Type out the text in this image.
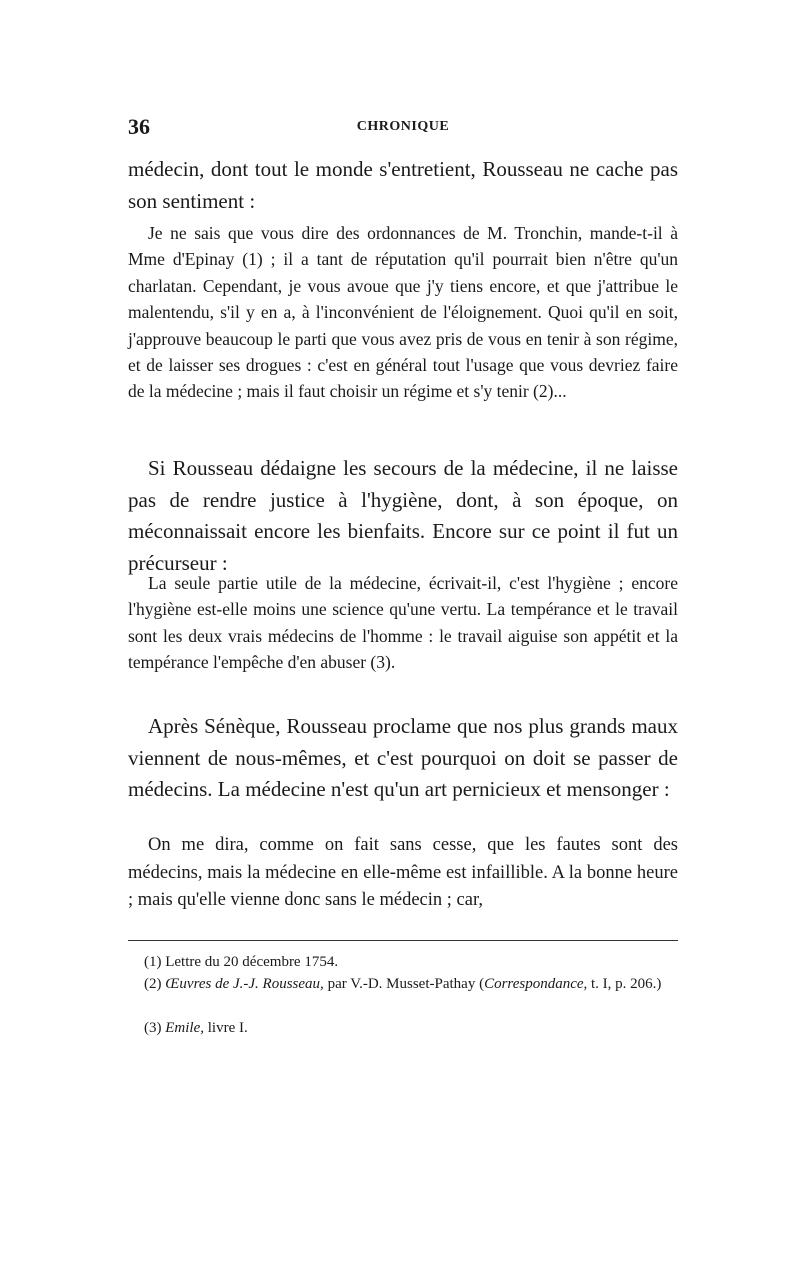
36	CHRONIQUE
médecin, dont tout le monde s'entretient, Rousseau ne cache pas son sentiment :
Je ne sais que vous dire des ordonnances de M. Tronchin, mande-t-il à Mme d'Epinay (1) ; il a tant de réputation qu'il pourrait bien n'être qu'un charlatan. Cependant, je vous avoue que j'y tiens encore, et que j'attribue le malentendu, s'il y en a, à l'inconvénient de l'éloignement. Quoi qu'il en soit, j'approuve beaucoup le parti que vous avez pris de vous en tenir à son régime, et de laisser ses drogues : c'est en général tout l'usage que vous devriez faire de la médecine ; mais il faut choisir un régime et s'y tenir (2)...
Si Rousseau dédaigne les secours de la médecine, il ne laisse pas de rendre justice à l'hygiène, dont, à son époque, on méconnaissait encore les bienfaits. Encore sur ce point il fut un précurseur :
La seule partie utile de la médecine, écrivait-il, c'est l'hygiène ; encore l'hygiène est-elle moins une science qu'une vertu. La tempérance et le travail sont les deux vrais médecins de l'homme : le travail aiguise son appétit et la tempérance l'empêche d'en abuser (3).
Après Sénèque, Rousseau proclame que nos plus grands maux viennent de nous-mêmes, et c'est pourquoi on doit se passer de médecins. La médecine n'est qu'un art pernicieux et mensonger :
On me dira, comme on fait sans cesse, que les fautes sont des médecins, mais la médecine en elle-même est infaillible. A la bonne heure ; mais qu'elle vienne donc sans le médecin ; car,
(1) Lettre du 20 décembre 1754.
(2) Œuvres de J.-J. Rousseau, par V.-D. Musset-Pathay (Correspondance, t. I, p. 206.)
(3) Emile, livre I.
